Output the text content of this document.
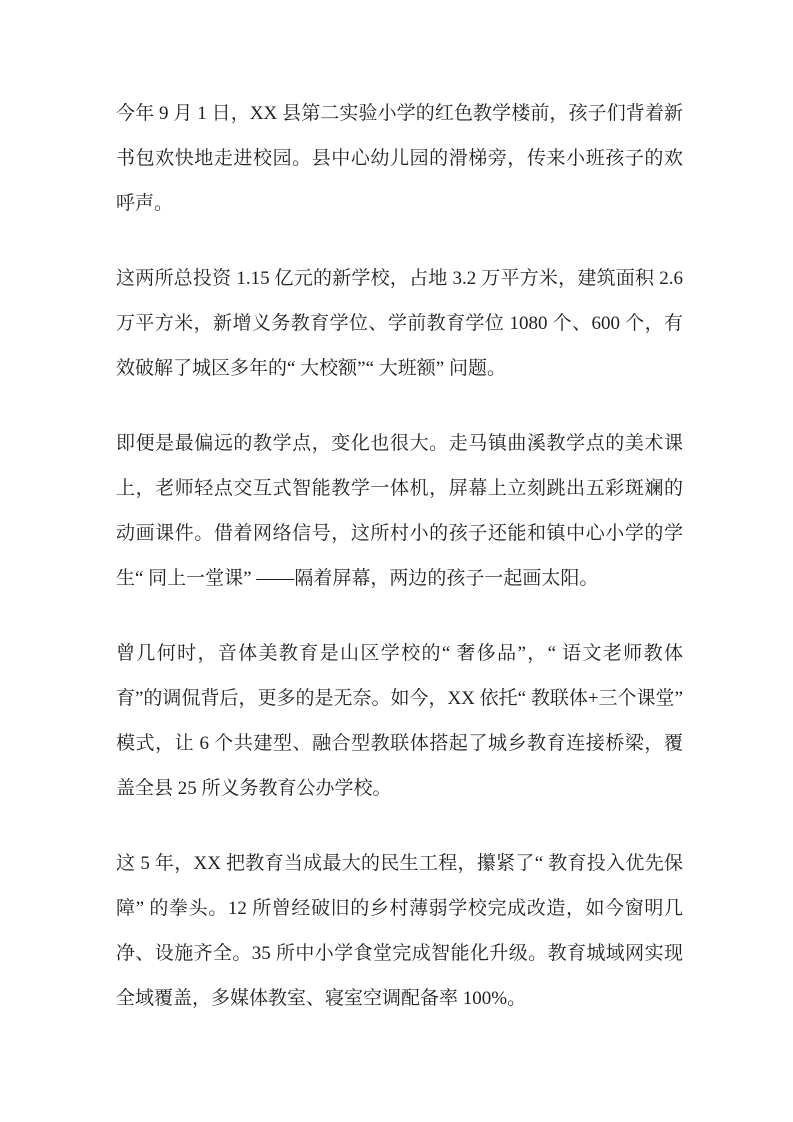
今年 9 月 1 日，XX 县第二实验小学的红色教学楼前，孩子们背着新书包欢快地走进校园。县中心幼儿园的滑梯旁，传来小班孩子的欢呼声。

这两所总投资 1.15 亿元的新学校，占地 3.2 万平方米，建筑面积 2.6 万平方米，新增义务教育学位、学前教育学位 1080 个、600 个，有效破解了城区多年的“ 大校额”“ 大班额” 问题。

即便是最偏远的教学点，变化也很大。走马镇曲溪教学点的美术课上，老师轻点交互式智能教学一体机，屏幕上立刻跳出五彩斑斓的动画课件。借着网络信号，这所村小的孩子还能和镇中心小学的学生“ 同上一堂课” ——隔着屏幕，两边的孩子一起画太阳。

曾几何时，音体美教育是山区学校的“ 奢侈品”，“ 语文老师教体育”的调侃背后，更多的是无奈。如今，XX 依托“ 教联体+三个课堂” 模式，让 6 个共建型、融合型教联体搭起了城乡教育连接桥梁，覆盖全县 25 所义务教育公办学校。

这 5 年，XX 把教育当成最大的民生工程，攥紧了“ 教育投入优先保障” 的拳头。12 所曾经破旧的乡村薄弱学校完成改造，如今窗明几净、设施齐全。35 所中小学食堂完成智能化升级。教育城域网实现全域覆盖，多媒体教室、寝室空调配备率 100%。
